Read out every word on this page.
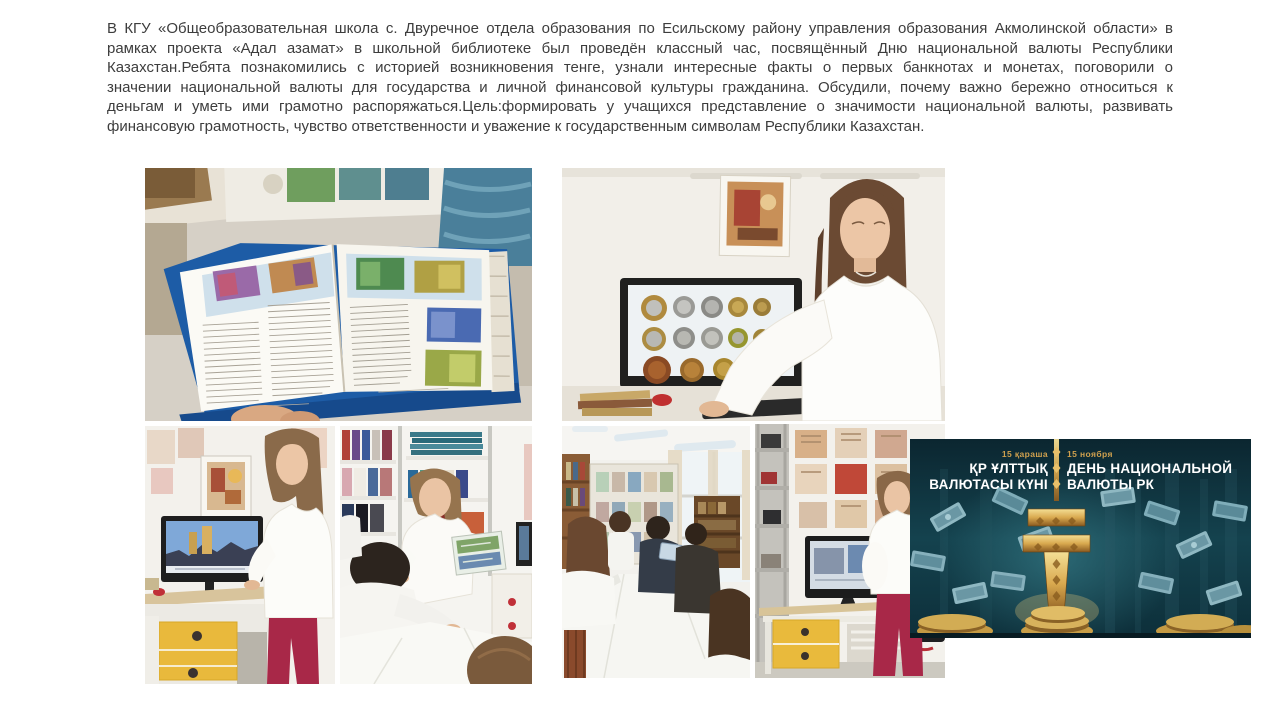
В КГУ «Общеобразовательная школа с. Двуречное отдела образования по Есильскому району управления образования Акмолинской области» в
рамках проекта «Адал азамат» в школьной библиотеке был проведён классный час, посвящённый Дню национальной валюты Республики
Казахстан.Ребята познакомились с историей возникновения тенге, узнали интересные факты о первых банкнотах и монетах, поговорили о
значении национальной валюты для государства и личной финансовой культуры гражданина. Обсудили, почему важно бережно относиться к
деньгам и уметь ими грамотно распоряжаться.Цель:формировать у учащихся представление о значимости национальной валюты, развивать
финансовую грамотность, чувство ответственности и уважение к государственным символам Республики Казахстан.
15 қараша
ҚР ҰЛТТЫҚ ВАЛЮТАСЫ КҮНІ
15 ноября
ДЕНЬ НАЦИОНАЛЬНОЙ ВАЛЮТЫ РК
